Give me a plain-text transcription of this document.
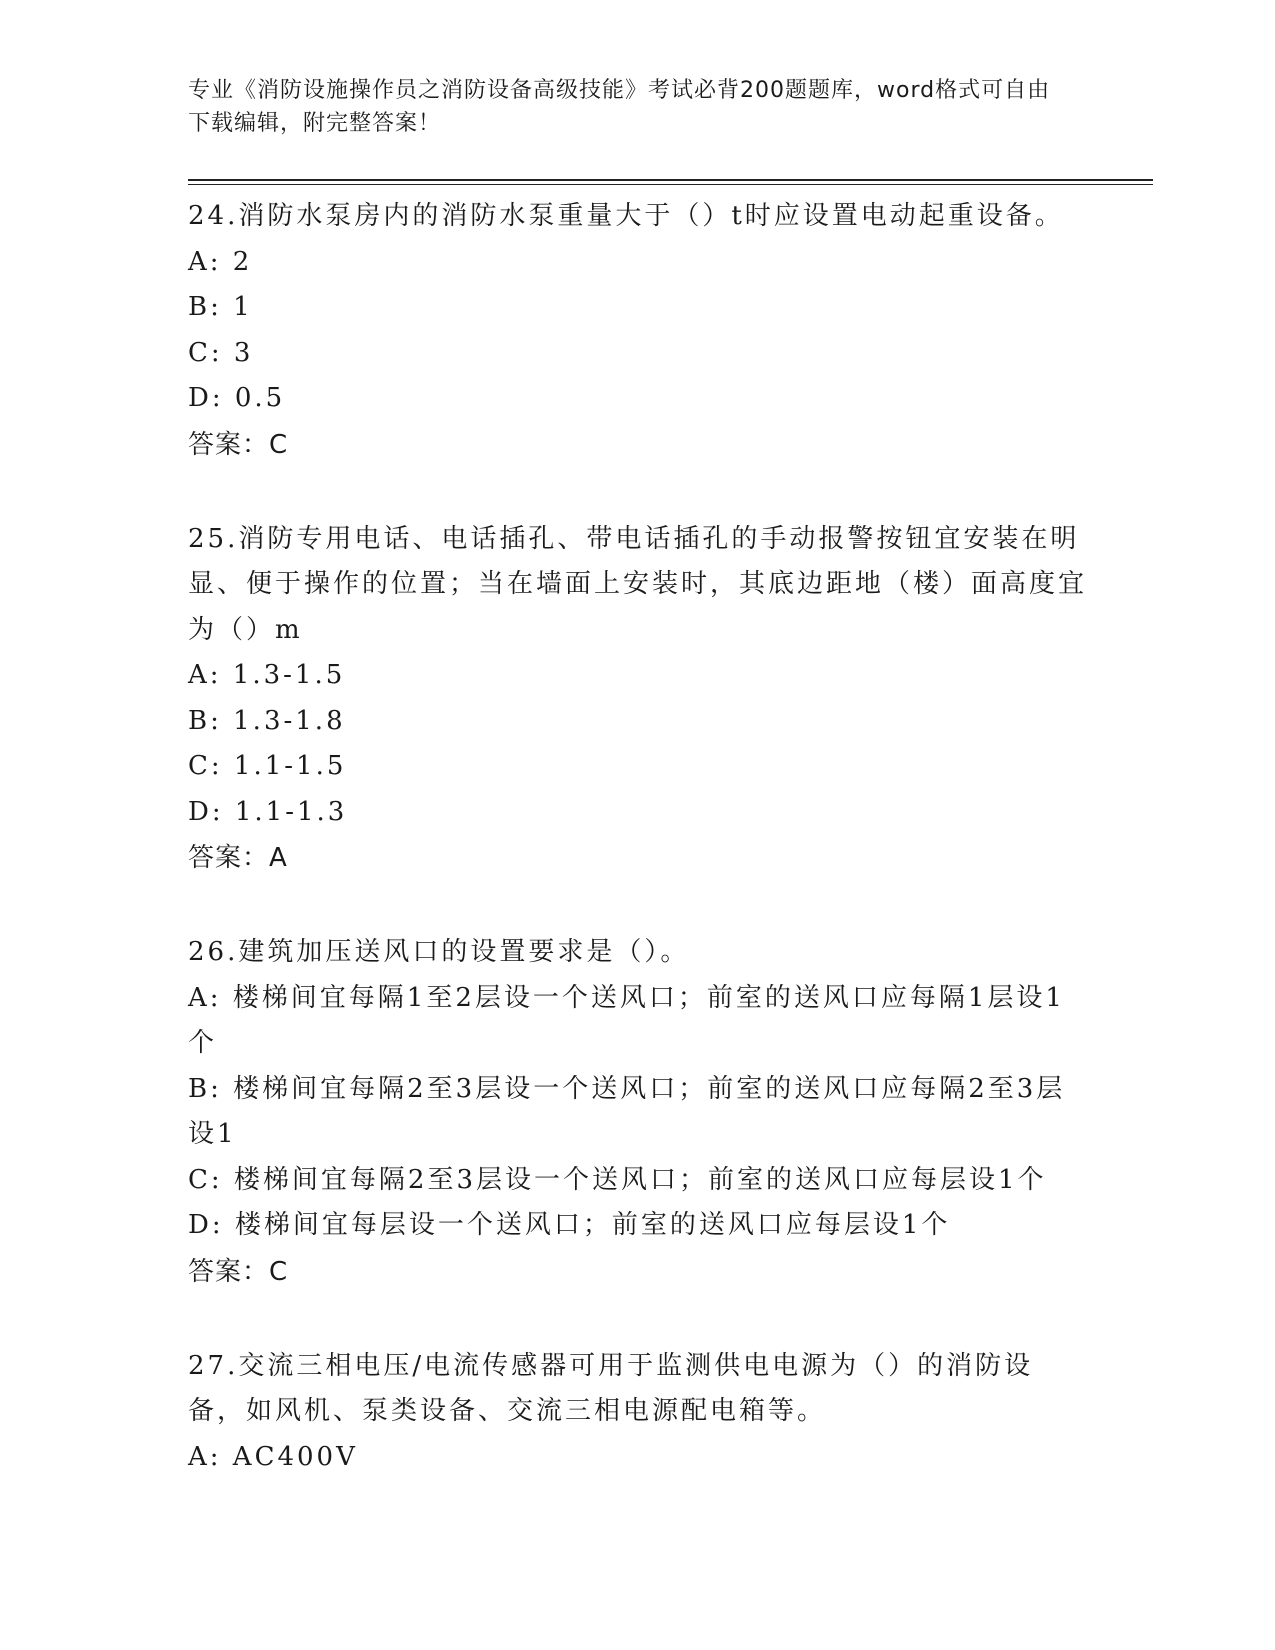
专业《消防设施操作员之消防设备高级技能》考试必背200题题库，word格式可自由下载编辑，附完整答案！

24.消防水泵房内的消防水泵重量大于（）t时应设置电动起重设备。

A: 2

B: 1

C: 3

D: 0.5

答案：C

25.消防专用电话、电话插孔、带电话插孔的手动报警按钮宜安装在明显、便于操作的位置；当在墙面上安装时，其底边距地（楼）面高度宜为（）m

A: 1.3-1.5

B: 1.3-1.8

C: 1.1-1.5

D: 1.1-1.3

答案：A

26.建筑加压送风口的设置要求是（）。

A: 楼梯间宜每隔1至2层设一个送风口；前室的送风口应每隔1层设1个

B: 楼梯间宜每隔2至3层设一个送风口；前室的送风口应每隔2至3层设1

C: 楼梯间宜每隔2至3层设一个送风口；前室的送风口应每层设1个

D: 楼梯间宜每层设一个送风口；前室的送风口应每层设1个

答案：C

27.交流三相电压/电流传感器可用于监测供电电源为（）的消防设备，如风机、泵类设备、交流三相电源配电箱等。

A: AC400V
